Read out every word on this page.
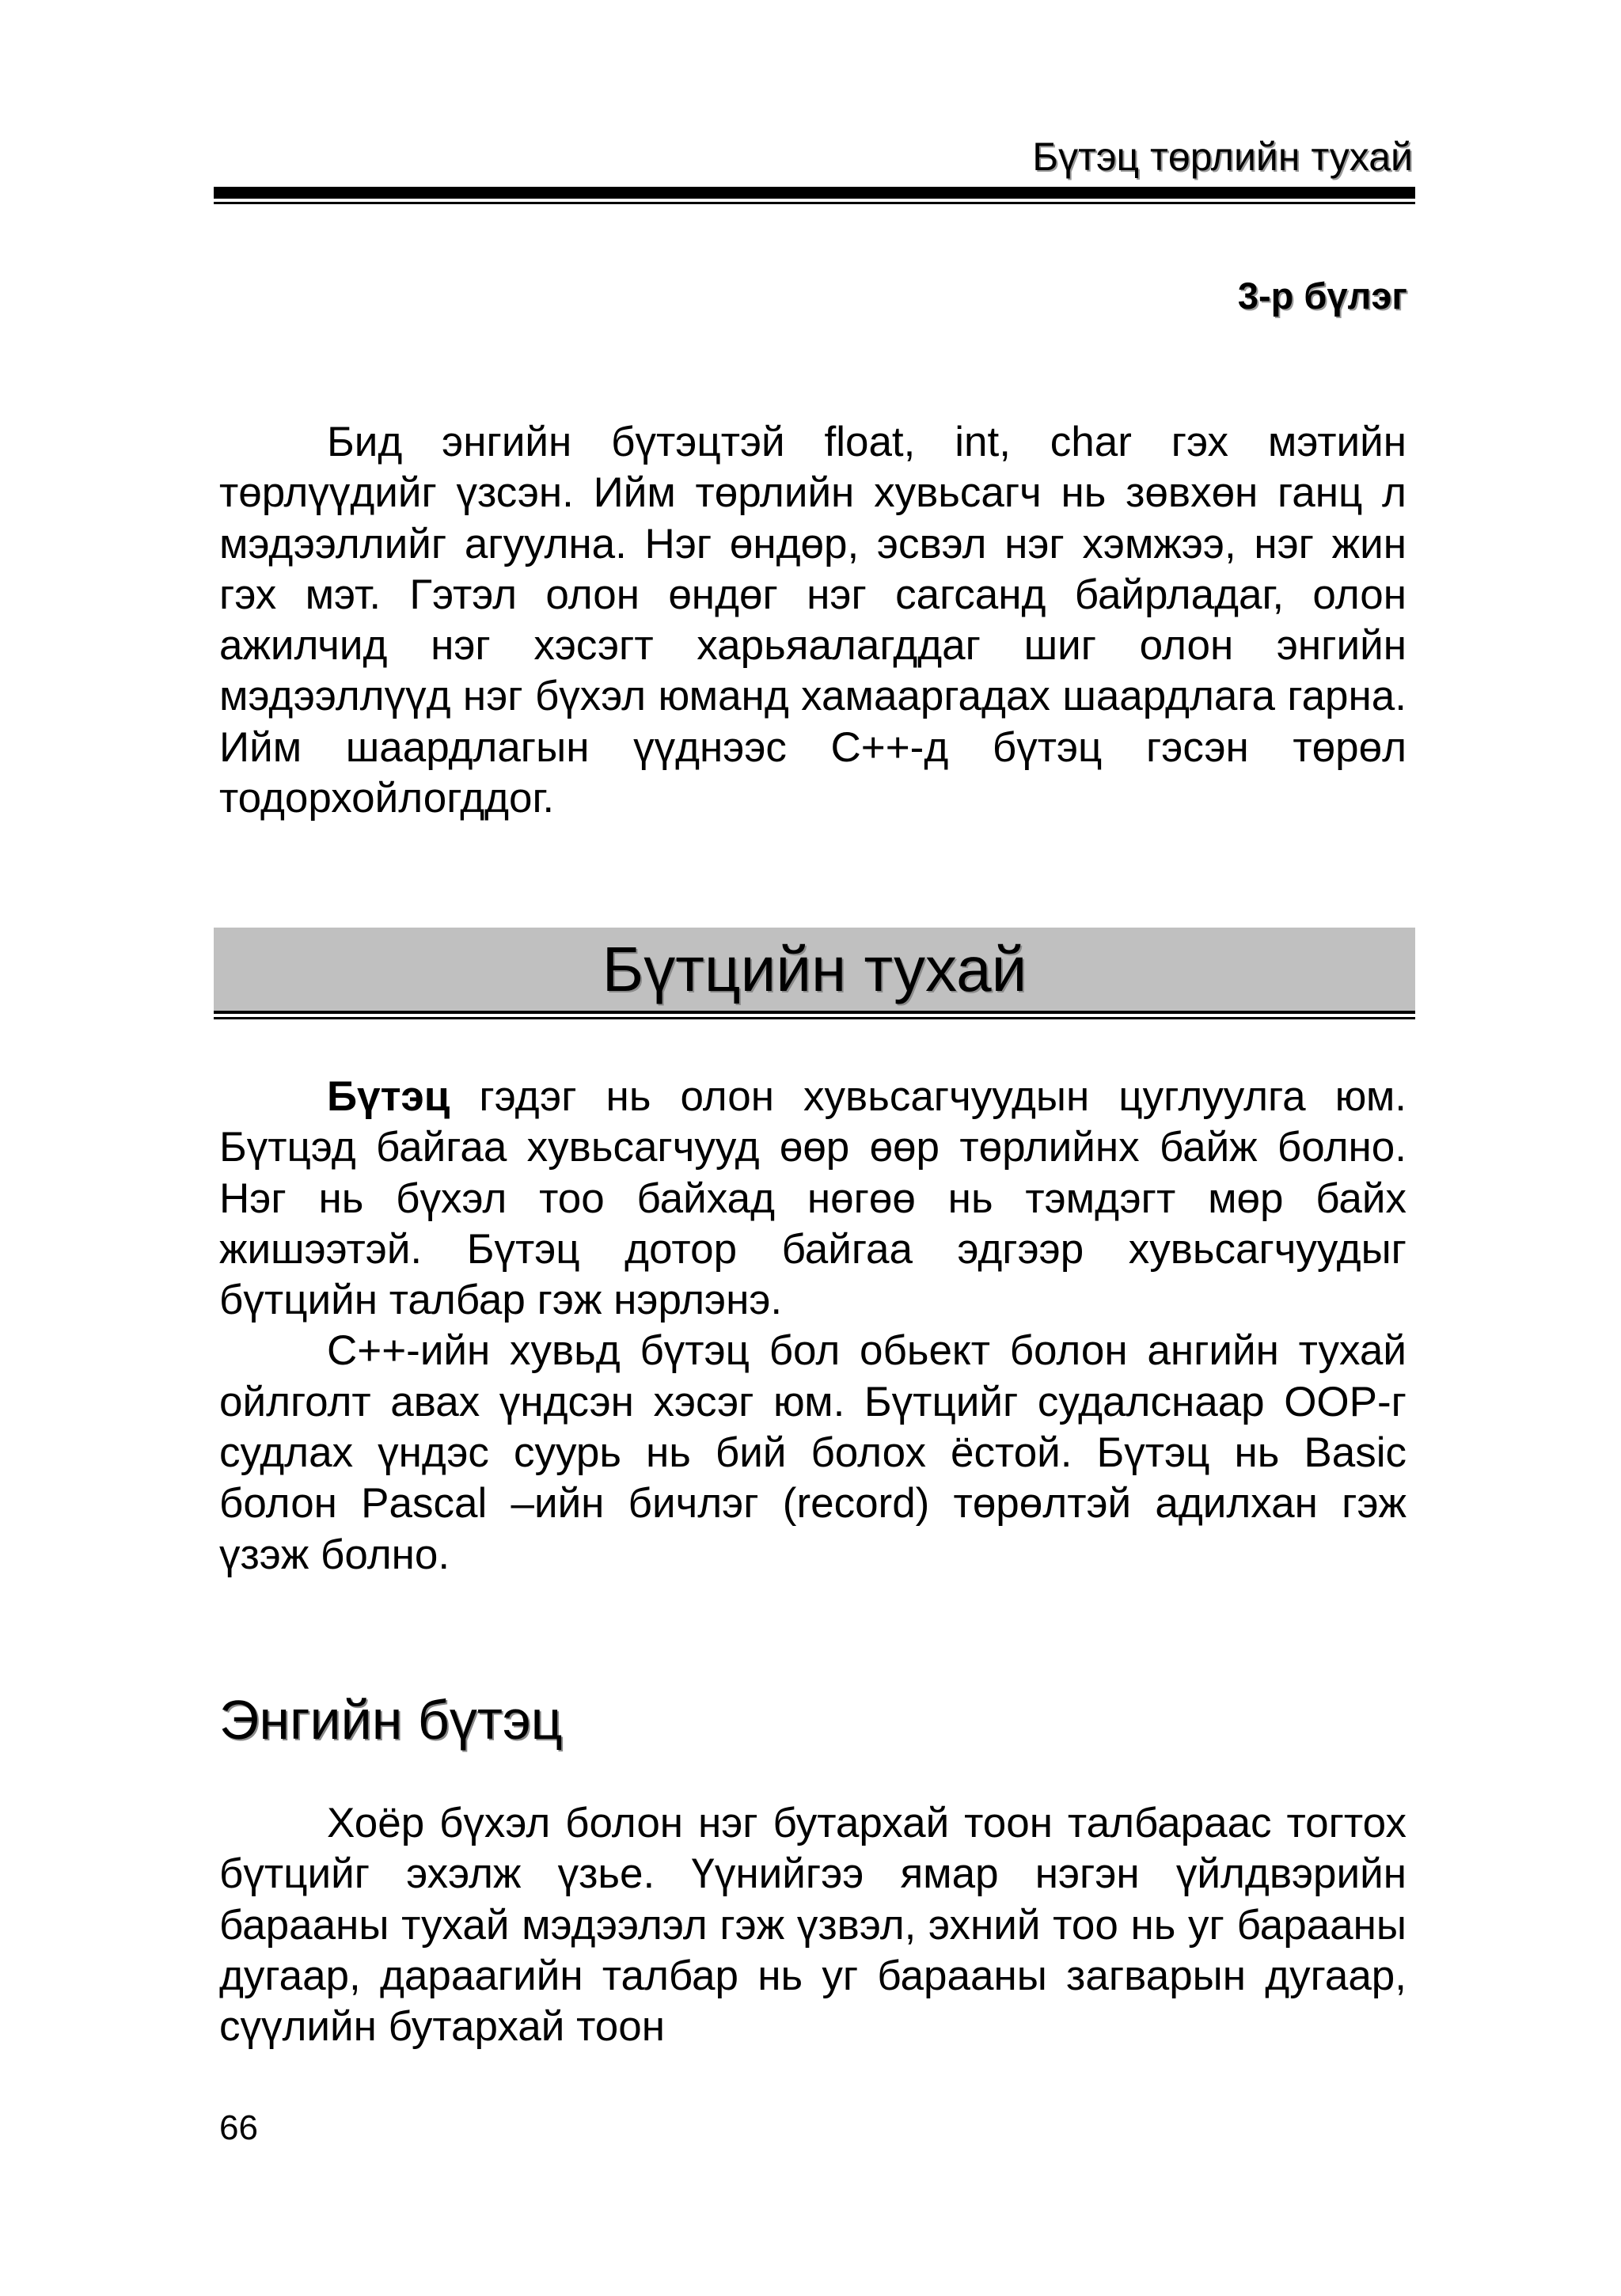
Бүтэц төрлийн тухай
3-р бүлэг

Бид энгийн бүтэцтэй float, int, char гэх мэтийн төрлүүдийг үзсэн. Ийм төрлийн хувьсагч нь зөвхөн ганц л мэдээллийг агуулна. Нэг өндөр, эсвэл нэг хэмжээ, нэг жин гэх мэт. Гэтэл олон өндөг нэг сагсанд байрладаг, олон ажилчид нэг хэсэгт харьяалагддаг шиг олон энгийн мэдээллүүд нэг бүхэл юманд хамааргадах шаардлага гарна. Ийм шаардлагын үүднээс C++-д бүтэц гэсэн төрөл тодорхойлогддог.

Бүтцийн тухай

Бүтэц гэдэг нь олон хувьсагчуудын цуглуулга юм. Бүтцэд байгаа хувьсагчууд өөр өөр төрлийнх байж болно. Нэг нь бүхэл тоо байхад нөгөө нь тэмдэгт мөр байх жишээтэй. Бүтэц дотор байгаа эдгээр хувьсагчуудыг бүтцийн талбар гэж нэрлэнэ.

C++-ийн хувьд бүтэц бол обьект болон ангийн тухай ойлголт авах үндсэн хэсэг юм. Бүтцийг судалснаар OOP-г судлах үндэс суурь нь бий болох ёстой. Бүтэц нь Basic болон Pascal –ийн бичлэг (record) төрөлтэй адилхан гэж үзэж болно.

Энгийн бүтэц

Хоёр бүхэл болон нэг бутархай тоон талбараас тогтох бүтцийг эхэлж үзье. Үүнийгээ ямар нэгэн үйлдвэрийн барааны тухай мэдээлэл гэж үзвэл, эхний тоо нь уг барааны дугаар, дараагийн талбар нь уг барааны загварын дугаар, сүүлийн бутархай тоон

66
